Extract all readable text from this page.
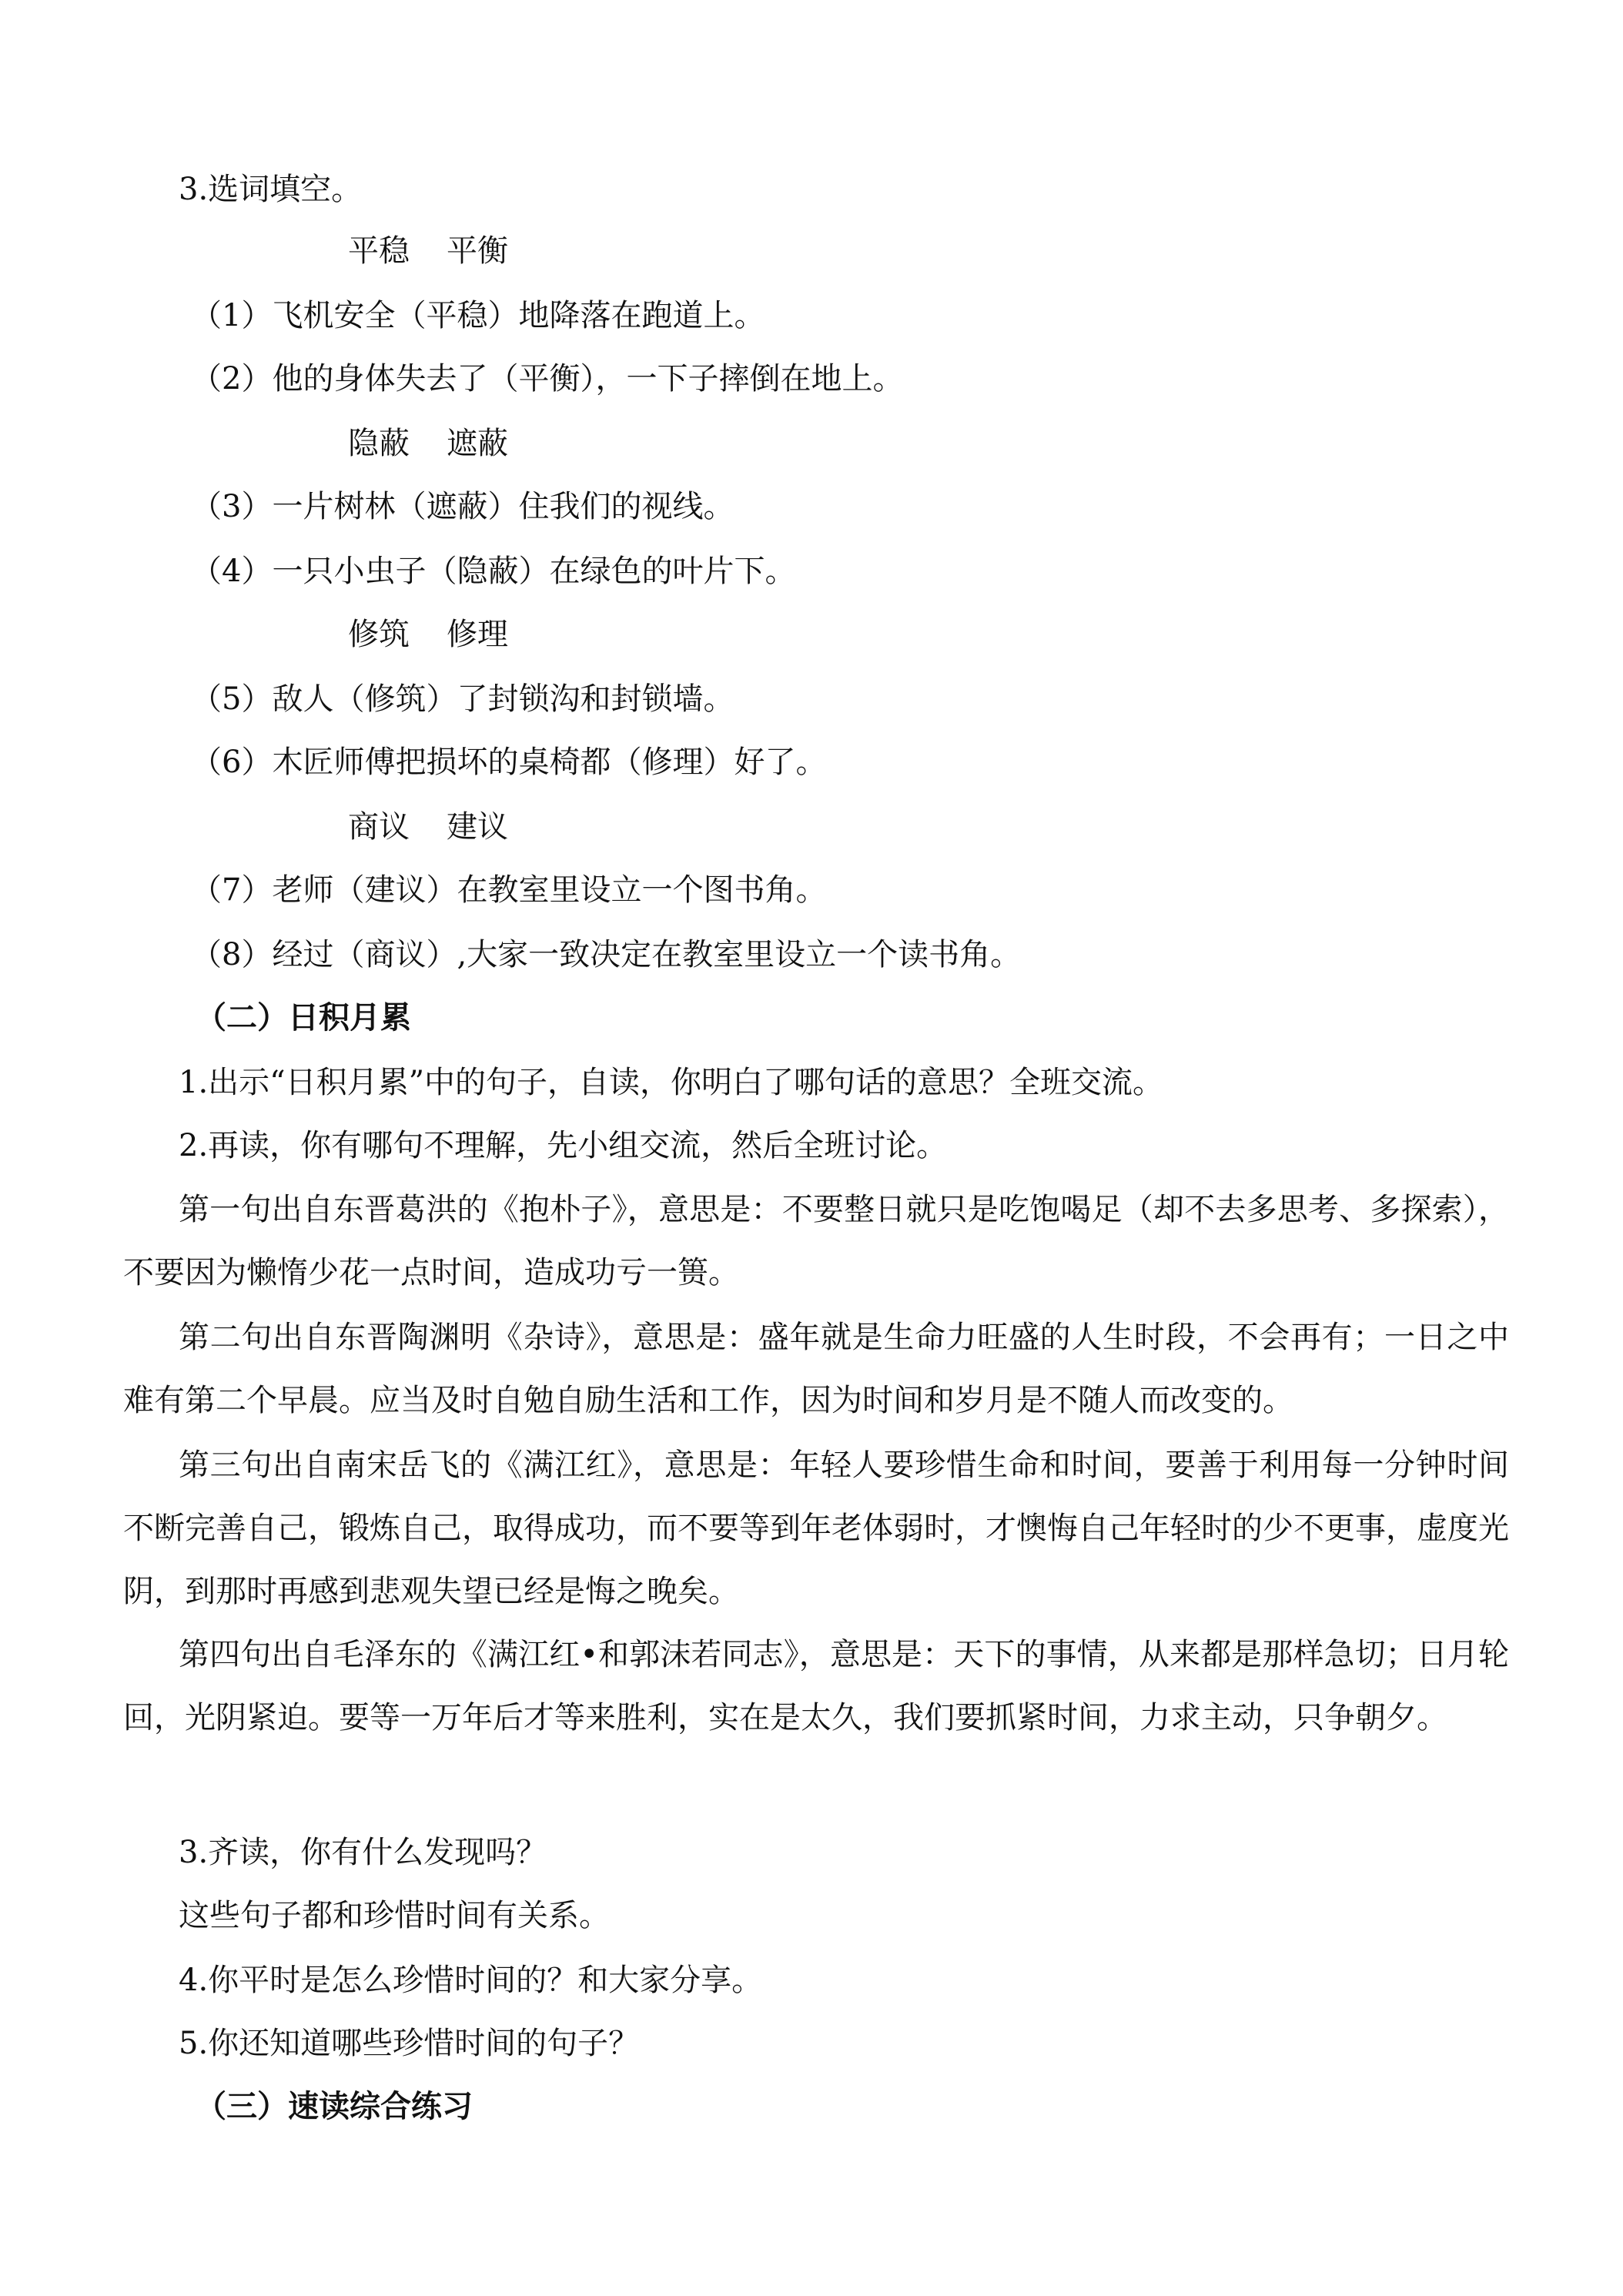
3.选词填空。
平稳 平衡
（1）飞机安全（平稳）地降落在跑道上。
（2）他的身体失去了（平衡），一下子摔倒在地上。
隐蔽 遮蔽
（3）一片树林（遮蔽）住我们的视线。
（4）一只小虫子（隐蔽）在绿色的叶片下。
修筑 修理
（5）敌人（修筑）了封锁沟和封锁墙。
（6）木匠师傅把损坏的桌椅都（修理）好了。
商议 建议
（7）老师（建议）在教室里设立一个图书角。
（8）经过（商议）,大家一致决定在教室里设立一个读书角。
（二）日积月累
1.出示“日积月累”中的句子，自读，你明白了哪句话的意思？全班交流。
2.再读，你有哪句不理解，先小组交流，然后全班讨论。
第一句出自东晋葛洪的《抱朴子》，意思是：不要整日就只是吃饱喝足（却不去多思考、多探索），不要因为懒惰少花一点时间，造成功亏一篑。
第二句出自东晋陶渊明《杂诗》，意思是：盛年就是生命力旺盛的人生时段，不会再有；一日之中难有第二个早晨。应当及时自勉自励生活和工作，因为时间和岁月是不随人而改变的。
第三句出自南宋岳飞的《满江红》，意思是：年轻人要珍惜生命和时间，要善于利用每一分钟时间不断完善自己，锻炼自己，取得成功，而不要等到年老体弱时，才懊悔自己年轻时的少不更事，虚度光阴，到那时再感到悲观失望已经是悔之晚矣。
第四句出自毛泽东的《满江红•和郭沫若同志》，意思是：天下的事情，从来都是那样急切；日月轮回，光阴紧迫。要等一万年后才等来胜利，实在是太久，我们要抓紧时间，力求主动，只争朝夕。
3.齐读，你有什么发现吗？
这些句子都和珍惜时间有关系。
4.你平时是怎么珍惜时间的？和大家分享。
5.你还知道哪些珍惜时间的句子？
（三）速读综合练习
